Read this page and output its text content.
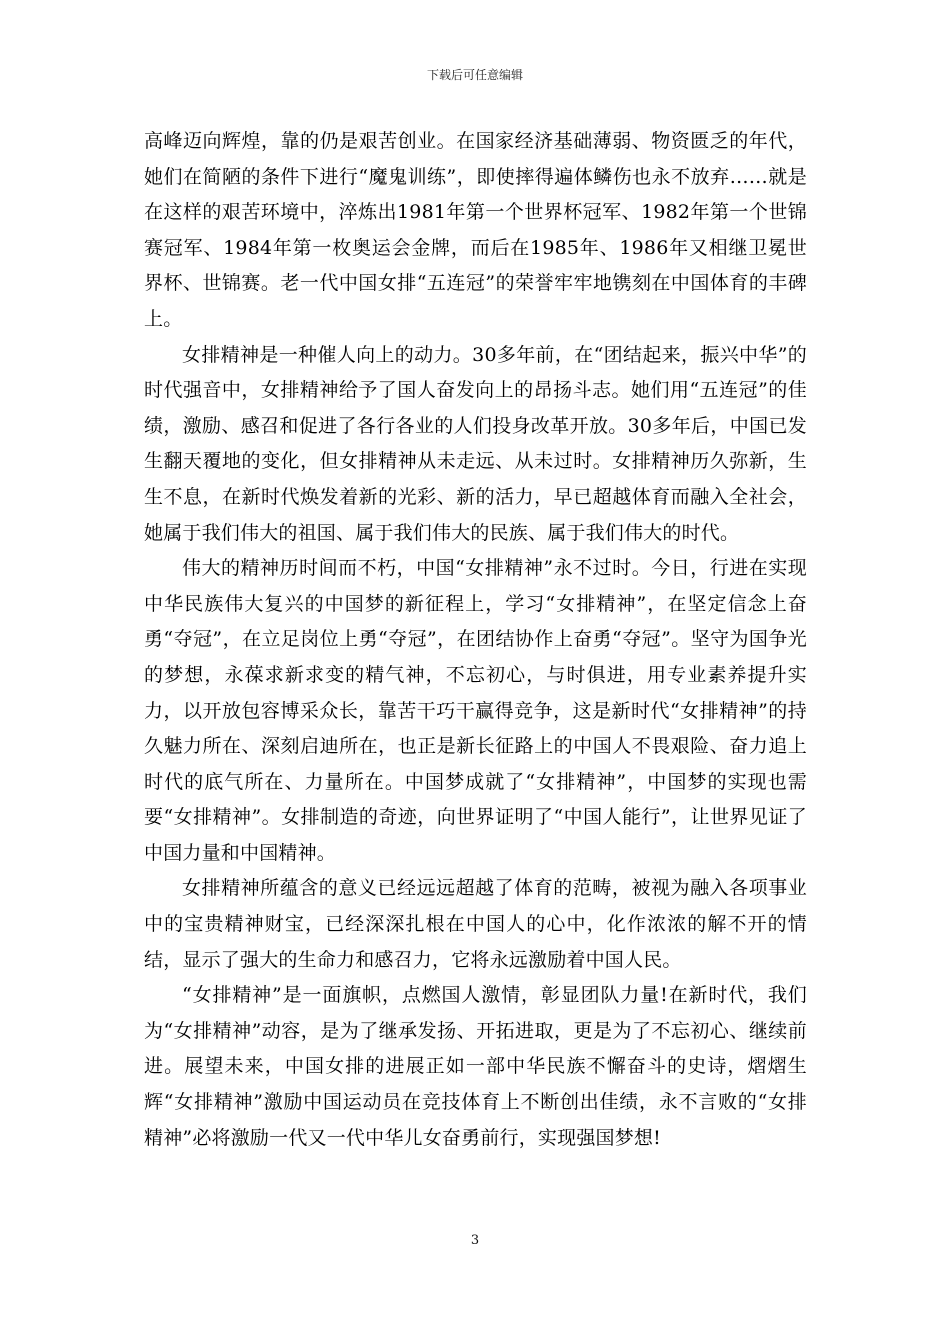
下载后可任意编辑

高峰迈向辉煌，靠的仍是艰苦创业。在国家经济基础薄弱、物资匮乏的年代，她们在简陋的条件下进行“魔鬼训练”，即使摔得遍体鳞伤也永不放弃……就是在这样的艰苦环境中，淬炼出1981年第一个世界杯冠军、1982年第一个世锦赛冠军、1984年第一枚奥运会金牌，而后在1985年、1986年又相继卫冕世界杯、世锦赛。老一代中国女排“五连冠”的荣誉牢牢地镌刻在中国体育的丰碑上。

女排精神是一种催人向上的动力。30多年前，在“团结起来，振兴中华”的时代强音中，女排精神给予了国人奋发向上的昂扬斗志。她们用“五连冠”的佳绩，激励、感召和促进了各行各业的人们投身改革开放。30多年后，中国已发生翻天覆地的变化，但女排精神从未走远、从未过时。女排精神历久弥新，生生不息，在新时代焕发着新的光彩、新的活力，早已超越体育而融入全社会，她属于我们伟大的祖国、属于我们伟大的民族、属于我们伟大的时代。

伟大的精神历时间而不朽，中国“女排精神”永不过时。今日，行进在实现中华民族伟大复兴的中国梦的新征程上，学习“女排精神”，在坚定信念上奋勇“夺冠”，在立足岗位上勇“夺冠”，在团结协作上奋勇“夺冠”。坚守为国争光的梦想，永葆求新求变的精气神，不忘初心，与时俱进，用专业素养提升实力，以开放包容博采众长，靠苦干巧干赢得竞争，这是新时代“女排精神”的持久魅力所在、深刻启迪所在，也正是新长征路上的中国人不畏艰险、奋力追上时代的底气所在、力量所在。中国梦成就了“女排精神”，中国梦的实现也需要“女排精神”。女排制造的奇迹，向世界证明了“中国人能行”，让世界见证了中国力量和中国精神。

女排精神所蕴含的意义已经远远超越了体育的范畴，被视为融入各项事业中的宝贵精神财宝，已经深深扎根在中国人的心中，化作浓浓的解不开的情结，显示了强大的生命力和感召力，它将永远激励着中国人民。

“女排精神”是一面旗帜，点燃国人激情，彰显团队力量!在新时代，我们为“女排精神”动容，是为了继承发扬、开拓进取，更是为了不忘初心、继续前进。展望未来，中国女排的进展正如一部中华民族不懈奋斗的史诗，熠熠生辉“女排精神”激励中国运动员在竞技体育上不断创出佳绩，永不言败的“女排精神”必将激励一代又一代中华儿女奋勇前行，实现强国梦想!

3
